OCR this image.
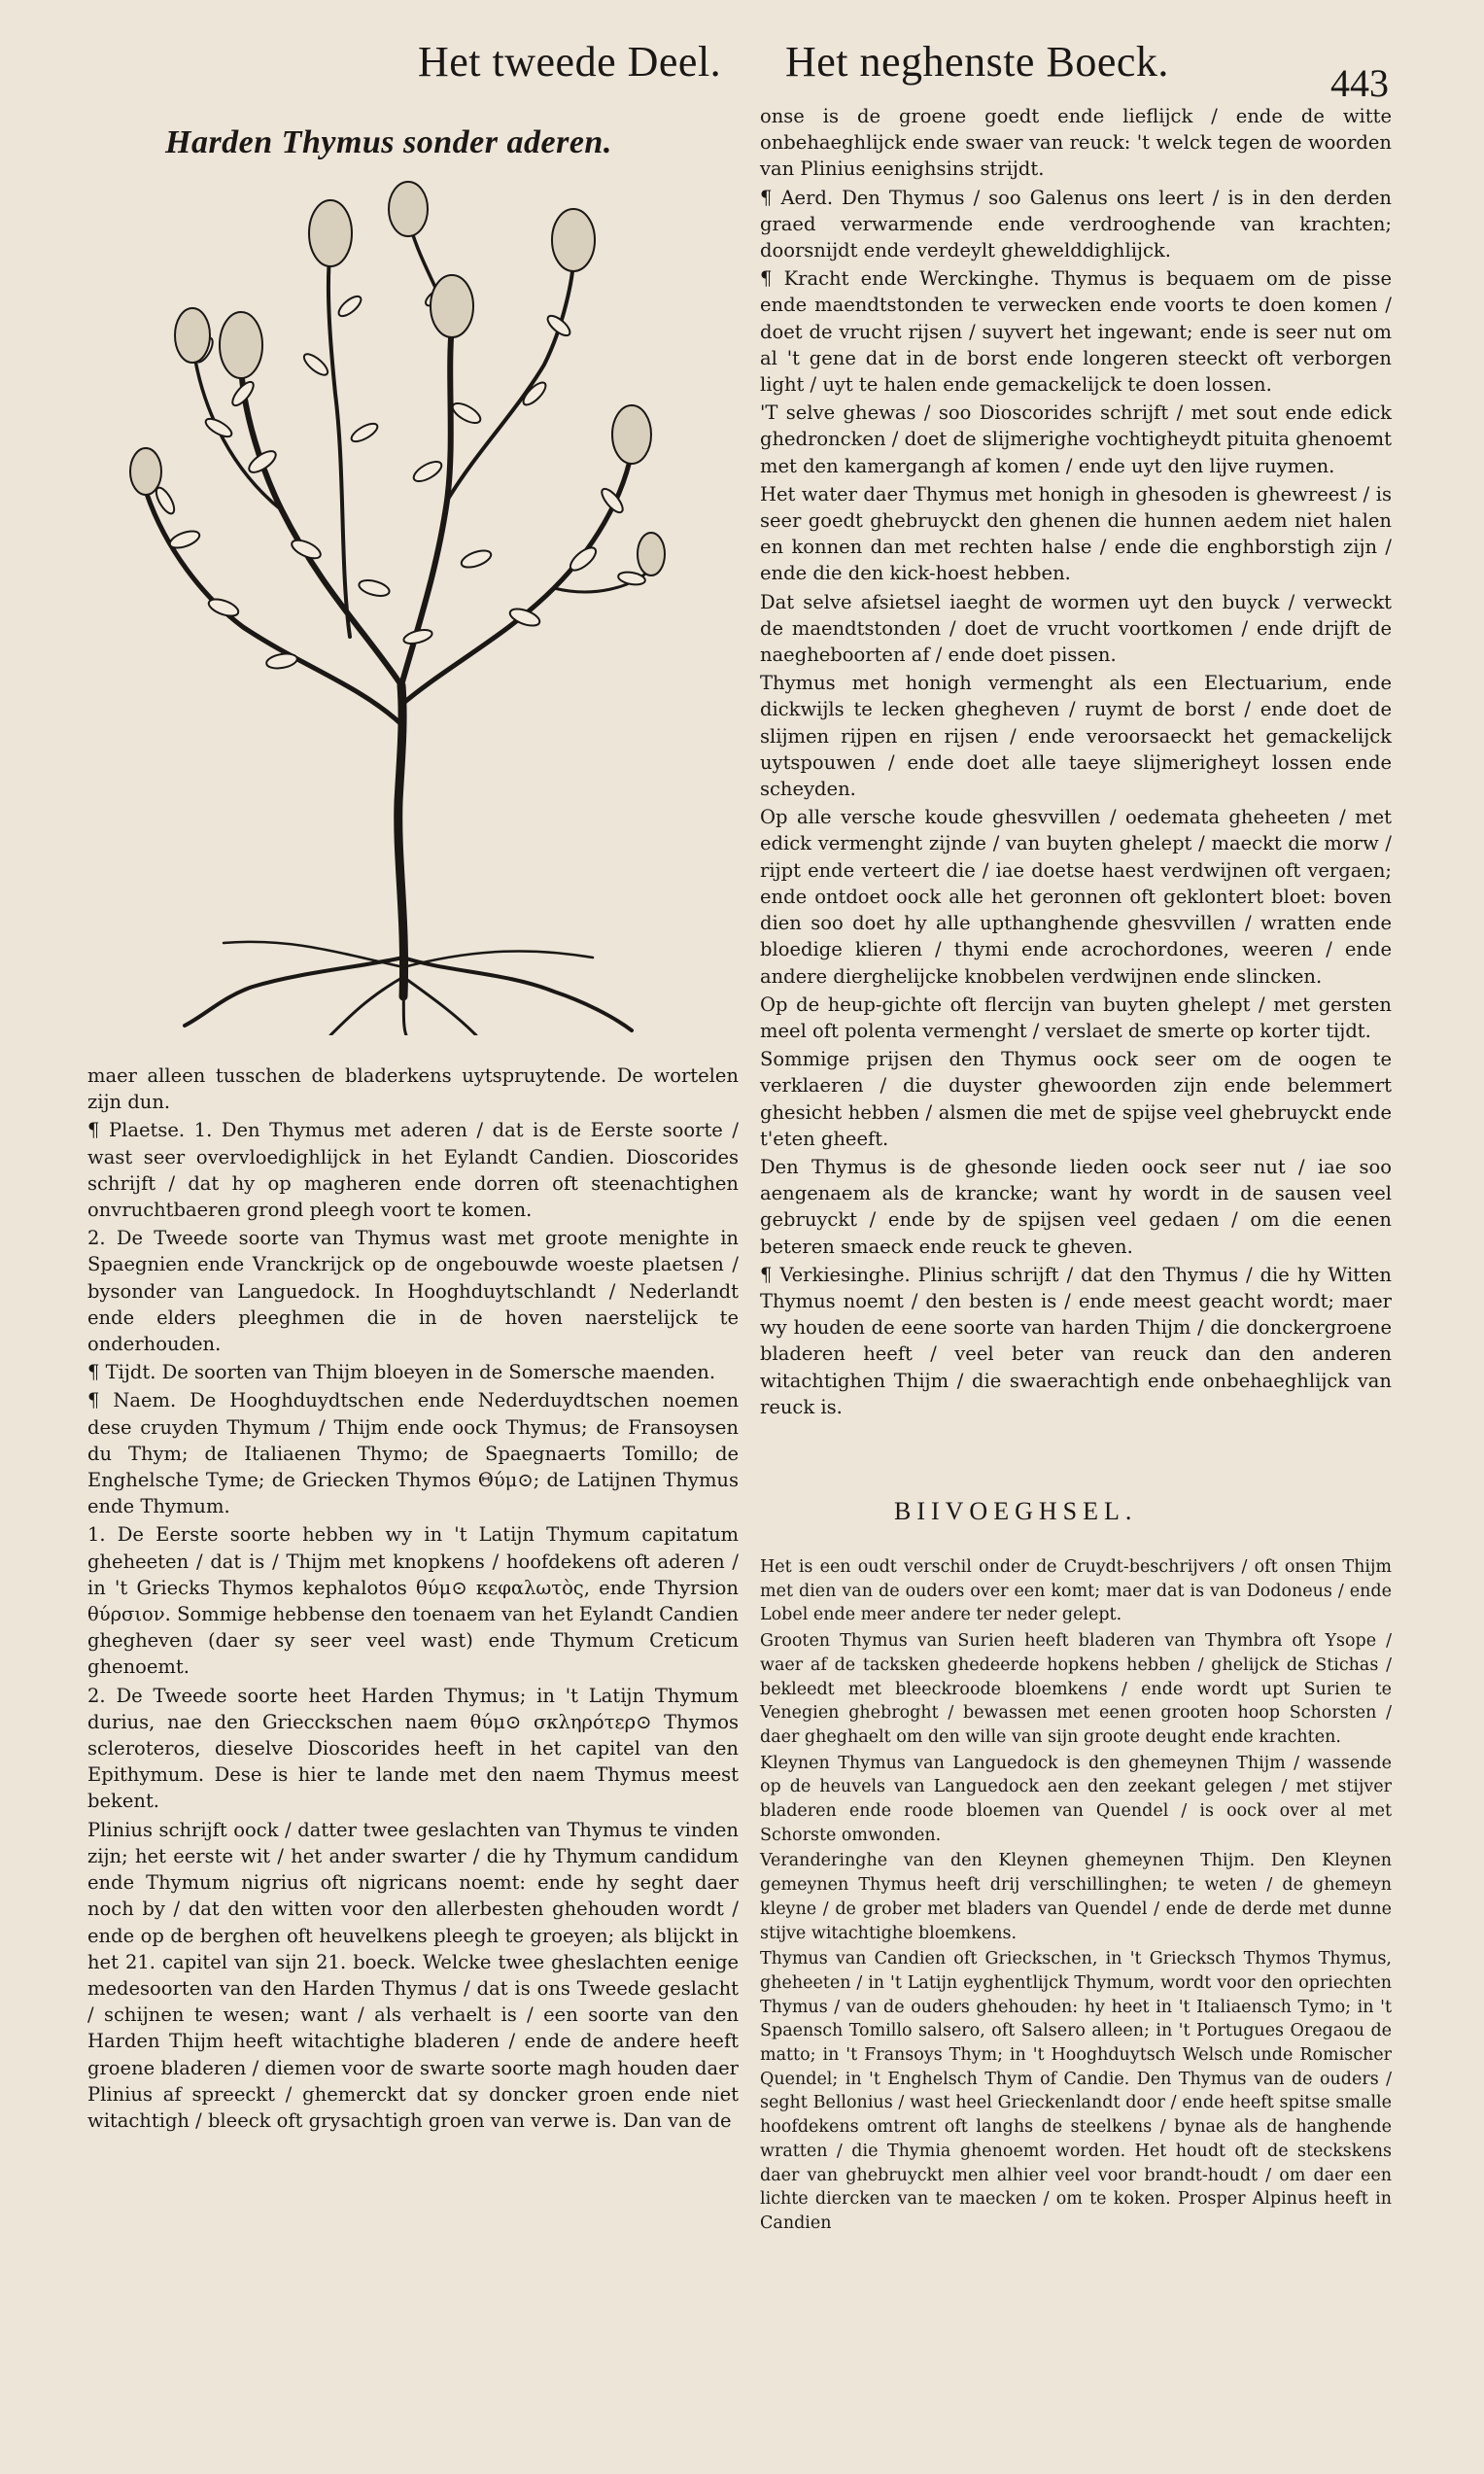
Het tweede Deel. Het neghenste Boeck.	443
Harden Thymus sonder aderen.

onse is de groene goedt ende lieflijck / ende de witte onbehaeghlijck ende swaer van reuck: 't welck tegen de woorden van Plinius eenighsins strijdt.

¶ Aerd. Den Thymus / soo Galenus ons leert / is in den derden graed verwarmende ende verdrooghende van krachten; doorsnijdt ende verdeylt ghewelddighlijck.

¶ Kracht ende Werckinghe. Thymus is bequaem om de pisse ende maendtstonden te verwecken ende voorts te doen komen / doet de vrucht rijsen / suyvert het ingewant; ende is seer nut om al 't gene dat in de borst ende longeren steeckt oft verborgen light / uyt te halen ende gemackelijck te doen lossen.

'T selve ghewas / soo Dioscorides schrijft / met sout ende edick ghedroncken / doet de slijmerighe vochtigheydt pituita ghenoemt met den kamergangh af komen / ende uyt den lijve ruymen.

Het water daer Thymus met honigh in ghesoden is ghewreest / is seer goedt ghebruyckt den ghenen die hunnen aedem niet halen en konnen dan met rechten halse / ende die enghborstigh zijn / ende die den kick-hoest hebben.

Dat selve afsietsel iaeght de wormen uyt den buyck / verweckt de maendtstonden / doet de vrucht voortkomen / ende drijft de naegheboorten af / ende doet pissen.

Thymus met honigh vermenght als een Electuarium, ende dickwijls te lecken ghegheven / ruymt de borst / ende doet de slijmen rijpen en rijsen / ende veroorsaeckt het gemackelijck uytspouwen / ende doet alle taeye slijmerigheyt lossen ende scheyden.

Op alle versche koude ghesvvillen / oedemata gheheeten / met edick vermenght zijnde / van buyten ghelept / maeckt die morw / rijpt ende verteert die / iae doetse haest verdwijnen oft vergaen; ende ontdoet oock alle het geronnen oft geklontert bloet: boven dien soo doet hy alle upthanghende ghesvvillen / wratten ende bloedige klieren / thymi ende acrochordones, weeren / ende andere dierghelijcke knobbelen verdwijnen ende slincken.

Op de heup-gichte oft flercijn van buyten ghelept / met gersten meel oft polenta vermenght / verslaet de smerte op korter tijdt.

Sommige prijsen den Thymus oock seer om de oogen te verklaeren / die duyster ghewoorden zijn ende belemmert ghesicht hebben / alsmen die met de spijse veel ghebruyckt ende t'eten gheeft.

Den Thymus is de ghesonde lieden oock seer nut / iae soo aengenaem als de krancke; want hy wordt in de sausen veel gebruyckt / ende by de spijsen veel gedaen / om die eenen beteren smaeck ende reuck te gheven.

¶ Verkiesinghe. Plinius schrijft / dat den Thymus / die hy Witten Thymus noemt / den besten is / ende meest geacht wordt; maer wy houden de eene soorte van harden Thijm / die donckergroene bladeren heeft / veel beter van reuck dan den anderen witachtighen Thijm / die swaerachtigh ende onbehaeghlijck van reuck is.

maer alleen tusschen de bladerkens uytspruytende. De wortelen zijn dun.

¶ Plaetse. 1. Den Thymus met aderen / dat is de Eerste soorte / wast seer overvloedighlijck in het Eylandt Candien. Dioscorides schrijft / dat hy op magheren ende dorren oft steenachtighen onvruchtbaeren grond pleegh voort te komen.

2. De Tweede soorte van Thymus wast met groote menighte in Spaegnien ende Vranckrijck op de ongebouwde woeste plaetsen / bysonder van Languedock. In Hooghduytschlandt / Nederlandt ende elders pleeghmen die in de hoven naerstelijck te onderhouden.

¶ Tijdt. De soorten van Thijm bloeyen in de Somersche maenden.

¶ Naem. De Hooghduydtschen ende Nederduydtschen noemen dese cruyden Thymum / Thijm ende oock Thymus; de Fransoysen du Thym; de Italiaenen Thymo; de Spaegnaerts Tomillo; de Enghelsche Tyme; de Griecken Thymos Θύμ⊙; de Latijnen Thymus ende Thymum.

1. De Eerste soorte hebben wy in 't Latijn Thymum capitatum gheheeten / dat is / Thijm met knopkens / hoofdekens oft aderen / in 't Griecks Thymos kephalotos θύμ⊙ κεφαλωτὸς, ende Thyrsion θύρσιον. Sommige hebbense den toenaem van het Eylandt Candien ghegheven (daer sy seer veel wast) ende Thymum Creticum ghenoemt.

2. De Tweede soorte heet Harden Thymus; in 't Latijn Thymum durius, nae den Griecckschen naem θύμ⊙ σκληρότερ⊙ Thymos scleroteros, dieselve Dioscorides heeft in het capitel van den Epithymum. Dese is hier te lande met den naem Thymus meest bekent.

Plinius schrijft oock / datter twee geslachten van Thymus te vinden zijn; het eerste wit / het ander swarter / die hy Thymum candidum ende Thymum nigrius oft nigricans noemt: ende hy seght daer noch by / dat den witten voor den allerbesten ghehouden wordt / ende op de berghen oft heuvelkens pleegh te groeyen; als blijckt in het 21. capitel van sijn 21. boeck. Welcke twee gheslachten eenige medesoorten van den Harden Thymus / dat is ons Tweede geslacht / schijnen te wesen; want / als verhaelt is / een soorte van den Harden Thijm heeft witachtighe bladeren / ende de andere heeft groene bladeren / diemen voor de swarte soorte magh houden daer Plinius af spreeckt / ghemerckt dat sy doncker groen ende niet witachtigh / bleeck oft grysachtigh groen van verwe is. Dan van de

BIIVOEGHSEL.

Het is een oudt verschil onder de Cruydt-beschrijvers / oft onsen Thijm met dien van de ouders over een komt; maer dat is van Dodoneus / ende Lobel ende meer andere ter neder gelept.

Grooten Thymus van Surien heeft bladeren van Thymbra oft Ysope / waer af de tacksken ghedeerde hopkens hebben / ghelijck de Stichas / bekleedt met bleeckroode bloemkens / ende wordt upt Surien te Venegien ghebroght / bewassen met eenen grooten hoop Schorsten / daer gheghaelt om den wille van sijn groote deught ende krachten.

Kleynen Thymus van Languedock is den ghemeynen Thijm / wassende op de heuvels van Languedock aen den zeekant gelegen / met stijver bladeren ende roode bloemen van Quendel / is oock over al met Schorste omwonden.

Veranderinghe van den Kleynen ghemeynen Thijm. Den Kleynen gemeynen Thymus heeft drij verschillinghen; te weten / de ghemeyn kleyne / de grober met bladers van Quendel / ende de derde met dunne stijve witachtighe bloemkens.

Thymus van Candien oft Grieckschen, in 't Griecksch Thymos Thymus, gheheeten / in 't Latijn eyghentlijck Thymum, wordt voor den opriechten Thymus / van de ouders ghehouden: hy heet in 't Italiaensch Tymo; in 't Spaensch Tomillo salsero, oft Salsero alleen; in 't Portugues Oregaou de matto; in 't Fransoys Thym; in 't Hooghduytsch Welsch unde Romischer Quendel; in 't Enghelsch Thym of Candie. Den Thymus van de ouders / seght Bellonius / wast heel Grieckenlandt door / ende heeft spitse smalle hoofdekens omtrent oft langhs de steelkens / bynae als de hanghende wratten / die Thymia ghenoemt worden. Het houdt oft de steckskens daer van ghebruyckt men alhier veel voor brandt-houdt / om daer een lichte diercken van te maecken / om te koken. Prosper Alpinus heeft in Candien
